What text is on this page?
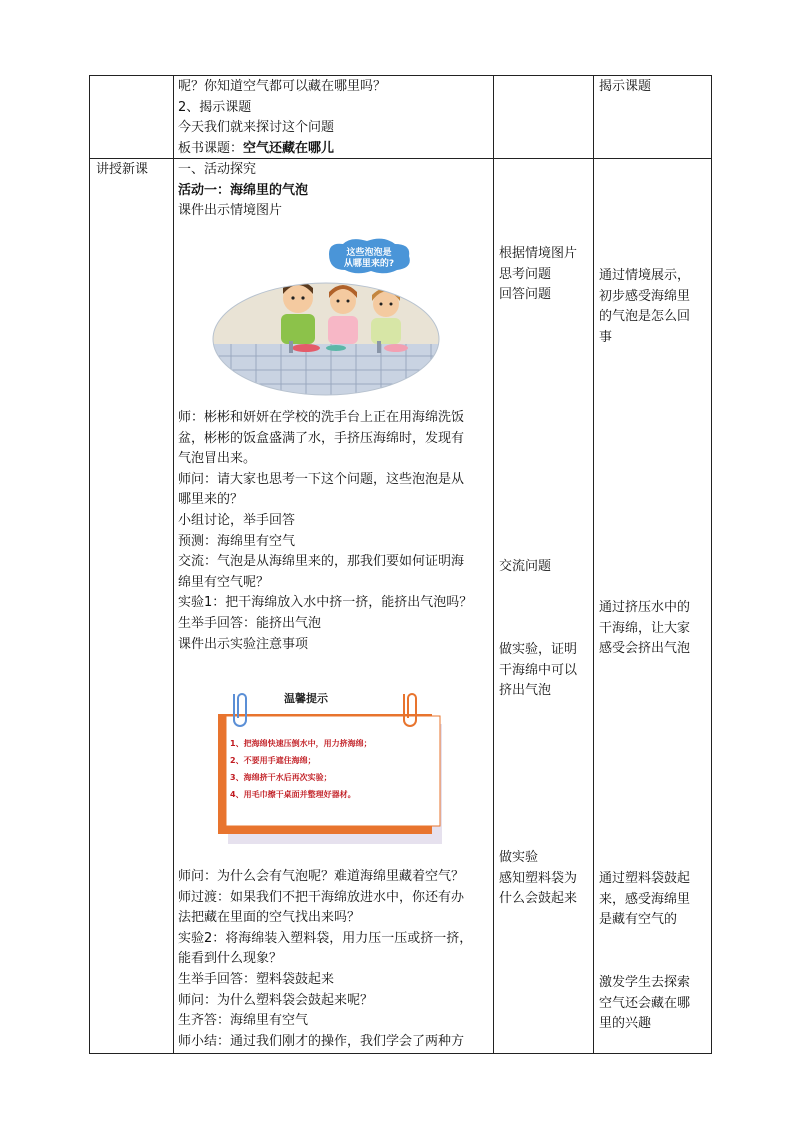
呢？你知道空气都可以藏在哪里吗？
2、揭示课题
今天我们就来探讨这个问题
板书课题：空气还藏在哪儿
揭示课题
讲授新课 一、活动探究
活动一：海绵里的气泡
课件出示情境图片
这些泡泡是
从哪里来的?
师：彬彬和妍妍在学校的洗手台上正在用海绵洗饭
盆，彬彬的饭盒盛满了水，手挤压海绵时，发现有
气泡冒出来。
师问：请大家也思考一下这个问题，这些泡泡是从
哪里来的？
小组讨论，举手回答
预测：海绵里有空气
交流：气泡是从海绵里来的，那我们要如何证明海
绵里有空气呢？
实验1：把干海绵放入水中挤一挤，能挤出气泡吗？
生举手回答：能挤出气泡
课件出示实验注意事项
温馨提示
1、把海绵快速压倒水中，用力挤海绵；
2、不要用手遮住海绵；
3、海绵挤干水后再次实验；
4、用毛巾擦干桌面并整理好器材。
师问：为什么会有气泡呢？难道海绵里藏着空气？
师过渡：如果我们不把干海绵放进水中，你还有办
法把藏在里面的空气找出来吗？
实验2：将海绵装入塑料袋，用力压一压或挤一挤，
能看到什么现象？
生举手回答：塑料袋鼓起来
师问：为什么塑料袋会鼓起来呢？
生齐答：海绵里有空气
师小结：通过我们刚才的操作，我们学会了两种方
根据情境图片
思考问题
回答问题
交流问题
做实验，证明
干海绵中可以
挤出气泡
做实验
感知塑料袋为
什么会鼓起来
通过情境展示，
初步感受海绵里
的气泡是怎么回
事
通过挤压水中的
干海绵，让大家
感受会挤出气泡
通过塑料袋鼓起
来，感受海绵里
是藏有空气的
激发学生去探索
空气还会藏在哪
里的兴趣
